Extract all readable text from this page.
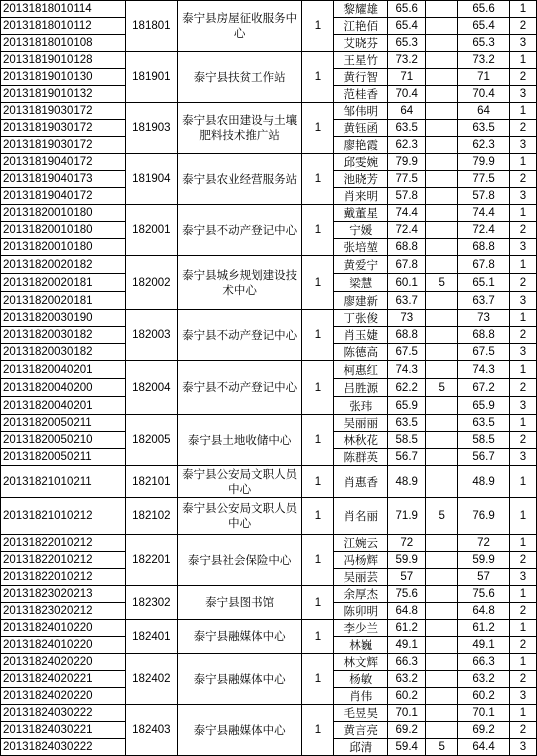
20131818010114	181801	泰宁县房屋征收服务中心	1	黎耀雄	65.6		65.6	1
20131818010112				江艳佰	65.4		65.4	2
20131818010108				艾晓芬	65.3		65.3	3
20131819010128	181901	泰宁县扶贫工作站	1	王星竹	73.2		73.2	1
20131819010130				黄行智	71		71	2
20131819010132				范桂香	70.4		70.4	3
20131819030172	181903	泰宁县农田建设与土壤肥料技术推广站	1	邹伟明	64		64	1
20131819030172				黄钰函	63.5		63.5	2
20131819030172				廖艳霞	62.3		62.3	3
20131819040172	181904	泰宁县农业经营服务站	1	邱雯婉	79.9		79.9	1
20131819040173				池晓芳	77.5		77.5	2
20131819040172				肖来明	57.8		57.8	3
20131820010180	182001	泰宁县不动产登记中心	1	戴董星	74.4		74.4	1
20131820010180				宁媛	72.4		72.4	2
20131820010180				张培堃	68.8		68.8	3
20131820020182	182002	泰宁县城乡规划建设技术中心	1	黄爱宁	67.8		67.8	1
20131820020181				梁慧	60.1	5	65.1	2
20131820020181				廖建新	63.7		63.7	3
20131820030190	182003	泰宁县不动产登记中心	1	丁张俊	73		73	1
20131820030182				肖玉婕	68.8		68.8	2
20131820030182				陈德高	67.5		67.5	3
20131820040201	182004	泰宁县不动产登记中心	1	柯惠红	74.3		74.3	1
20131820040200				吕胜源	62.2	5	67.2	2
20131820040201				张玮	65.9		65.9	3
20131820050211	182005	泰宁县土地收储中心	1	吴丽丽	63.5		63.5	1
20131820050210				林秋花	58.5		58.5	2
20131820050211				陈群英	56.7		56.7	3
20131821010211	182101	泰宁县公安局文职人员中心	1	肖惠香	48.9		48.9	1
20131821010212	182102	泰宁县公安局文职人员中心	1	肖名丽	71.9	5	76.9	1
20131822010212	182201	泰宁县社会保险中心	1	江婉云	72		72	1
20131822010212				冯杨辉	59.9		59.9	2
20131822010212				吴丽芸	57		57	3
20131823020213	182302	泰宁县图书馆	1	余厚杰	75.6		75.6	1
20131823020212				陈卯明	64.8		64.8	2
20131824010220	182401	泰宁县融媒体中心	1	李少兰	61.2		61.2	1
20131824010220				林巍	49.1		49.1	2
20131824020220	182402	泰宁县融媒体中心	1	林文辉	66.3		66.3	1
20131824020221				杨敏	63.2		63.2	2
20131824020220				肖伟	60.2		60.2	3
20131824030222	182403	泰宁县融媒体中心	1	毛昱昊	70.1		70.1	1
20131824030221				黄言亮	69.2		69.2	2
20131824030222				邱清	59.4	5	64.4	3
